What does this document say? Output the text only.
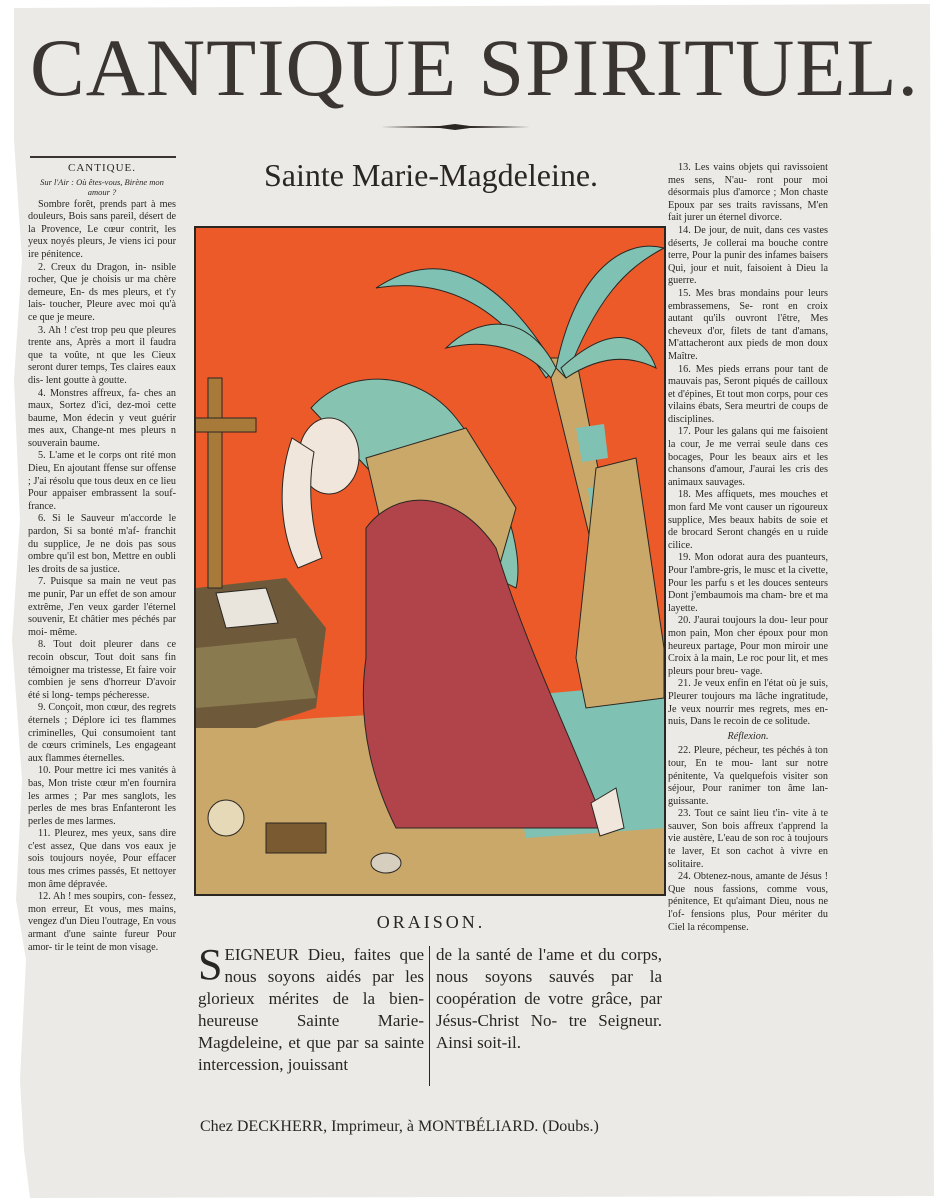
CANTIQUE SPIRITUEL.
CANTIQUE.
Sur l'Air : Où êtes-vous, Birène mon amour ?

Sombre forêt, prends part à mes douleurs, Bois sans pareil, désert de la Provence, Le cœur contrit, les yeux noyés pleurs, Je viens ici pour ire pénitence.

2. Creux du Dragon, in- nsible rocher, Que je choisis ur ma chère demeure, En- ds mes pleurs, et t'y lais- toucher, Pleure avec moi qu'à ce que je meure.

3. Ah ! c'est trop peu que pleures trente ans, Après a mort il faudra que ta voûte, nt que les Cieux seront durer temps, Tes claires eaux dis- lent goutte à goutte.

4. Monstres affreux, fa- ches an maux, Sortez d'ici, dez-moi cette baume, Mon édecin y veut guérir mes aux, Change-nt mes pleurs n souverain baume.

5. L'ame et le corps ont rité mon Dieu, En ajoutant ffense sur offense ; J'ai résolu que tous deux en ce lieu Pour appaiser embrassent la souf- france.

6. Si le Sauveur m'accorde le pardon, Si sa bonté m'af- franchit du supplice, Je ne dois pas sous ombre qu'il est bon, Mettre en oubli les droits de sa justice.

7. Puisque sa main ne veut pas me punir, Par un effet de son amour extrême, J'en veux garder l'éternel souvenir, Et châtier mes péchés par moi- même.

8. Tout doit pleurer dans ce recoin obscur, Tout doit sans fin témoigner ma tristesse, Et faire voir combien je sens d'horreur D'avoir été si long- temps pécheresse.

9. Conçoit, mon cœur, des regrets éternels ; Déplore ici tes flammes criminelles, Qui consumoient tant de cœurs criminels, Les engageant aux flammes éternelles.

10. Pour mettre ici mes vanités à bas, Mon triste cœur m'en fournira les armes ; Par mes sanglots, les perles de mes bras Enfanteront les perles de mes larmes.

11. Pleurez, mes yeux, sans dire c'est assez, Que dans vos eaux je sois toujours noyée, Pour effacer tous mes crimes passés, Et nettoyer mon âme dépravée.

12. Ah ! mes soupirs, con- fessez, mon erreur, Et vous, mes mains, vengez d'un Dieu l'outrage, En vous armant d'une sainte fureur Pour amor- tir le teint de mon visage.

Sainte Marie-Magdeleine.	13. Les vains objets qui ravissoient mes sens, N'au- ront pour moi désormais plus d'amorce ; Mon chaste Epoux par ses traits ravissans, M'en fait jurer un éternel divorce.

14. De jour, de nuit, dans ces vastes déserts, Je collerai ma bouche contre terre, Pour la punir des infames baisers Qui, jour et nuit, faisoient à Dieu la guerre.

15. Mes bras mondains pour leurs embrassemens, Se- ront en croix autant qu'ils ouvront l'être, Mes cheveux d'or, filets de tant d'amans, M'attacheront aux pieds de mon doux Maître.

16. Mes pieds errans pour tant de mauvais pas, Seront piqués de cailloux et d'épines, Et tout mon corps, pour ces vilains ébats, Sera meurtri de coups de disciplines.

17. Pour les galans qui me faisoient la cour, Je me verrai seule dans ces bocages, Pour les beaux airs et les chansons d'amour, J'aurai les cris des animaux sauvages.

18. Mes affiquets, mes mouches et mon fard Me vont causer un rigoureux supplice, Mes beaux habits de soie et de brocard Seront changés en u ruide cilice.

19. Mon odorat aura des puanteurs, Pour l'ambre-gris, le musc et la civette, Pour les parfu s et les douces senteurs Dont j'embaumois ma cham- bre et ma layette.

20. J'aurai toujours la dou- leur pour mon pain, Mon cher époux pour mon heureux partage, Pour mon miroir une Croix à la main, Le roc pour lit, et mes pleurs pour breu- vage.

21. Je veux enfin en l'état où je suis, Pleurer toujours ma lâche ingratitude, Je veux nourrir mes regrets, mes en- nuis, Dans le recoin de ce solitude.

Réflexion.

22. Pleure, pécheur, tes péchés à ton tour, En te mou- lant sur notre pénitente, Va quelquefois visiter son séjour, Pour ranimer ton âme lan- guissante.

23. Tout ce saint lieu t'in- vite à te sauver, Son bois affreux t'apprend la vie austère, L'eau de son roc à toujours te laver, Et son cachot à vivre en solitaire.

24. Obtenez-nous, amante de Jésus ! Que nous fassions, comme vous, pénitence, Et qu'aimant Dieu, nous ne l'of- fensions plus, Pour mériter du Ciel la récompense.

ORAISON.
SEIGNEUR Dieu, faites que nous soyons aidés par les glorieux mérites de la bien- heureuse Sainte Marie- Magdeleine, et que par sa sainte intercession, jouissant
de la santé de l'ame et du corps, nous soyons sauvés par la coopération de votre grâce, par Jésus-Christ No- tre Seigneur. Ainsi soit-il.
Chez DECKHERR, Imprimeur, à MONTBÉLIARD. (Doubs.)
